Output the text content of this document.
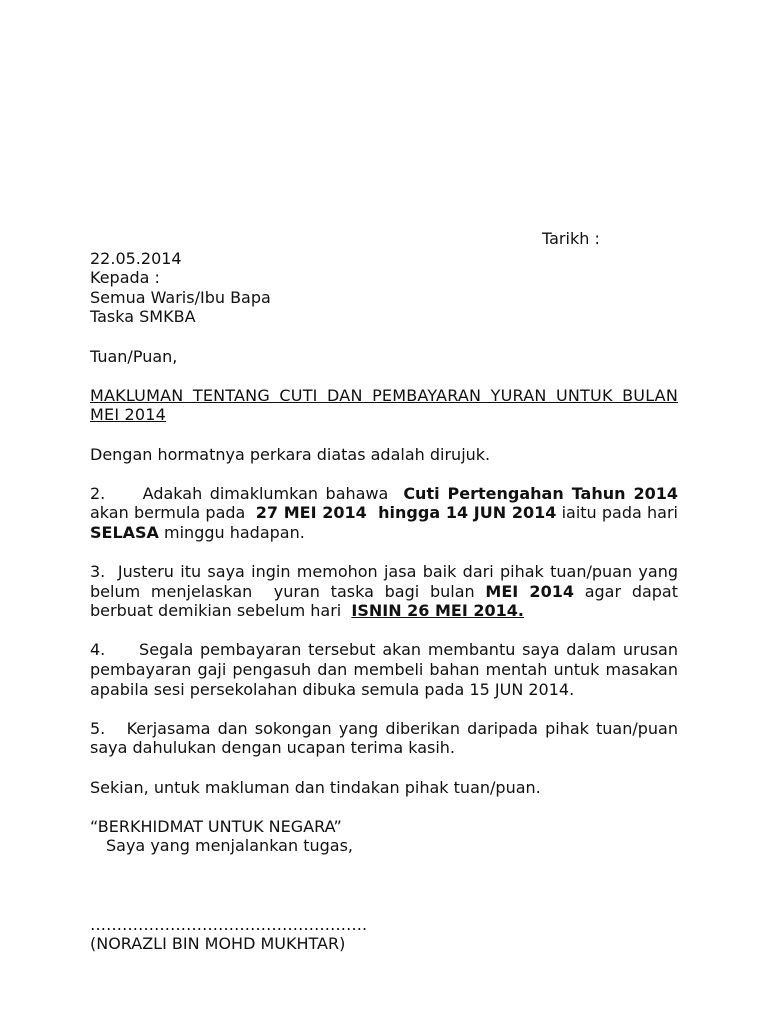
Tarikh :
22.05.2014
Kepada :
Semua Waris/Ibu Bapa
Taska SMKBA
Tuan/Puan,
MAKLUMAN TENTANG CUTI DAN PEMBAYARAN YURAN UNTUK BULAN MEI 2014
Dengan hormatnya perkara diatas adalah dirujuk.
2.     Adakah dimaklumkan bahawa  Cuti Pertengahan Tahun 2014 akan bermula pada  27 MEI 2014  hingga 14 JUN 2014 iaitu pada hari  SELASA minggu hadapan.
3.  Justeru itu saya ingin memohon jasa baik dari pihak tuan/puan yang belum menjelaskan  yuran taska bagi bulan MEI 2014 agar dapat berbuat demikian sebelum hari  ISNIN 26 MEI 2014.
4.     Segala pembayaran tersebut akan membantu saya dalam urusan pembayaran gaji pengasuh dan membeli bahan mentah untuk masakan apabila sesi persekolahan dibuka semula pada 15 JUN 2014.
5.   Kerjasama dan sokongan yang diberikan daripada pihak tuan/puan saya dahulukan dengan ucapan terima kasih.
Sekian, untuk makluman dan tindakan pihak tuan/puan.
“BERKHIDMAT UNTUK NEGARA”
Saya yang menjalankan tugas,
…………………………………………….
(NORAZLI BIN MOHD MUKHTAR)
